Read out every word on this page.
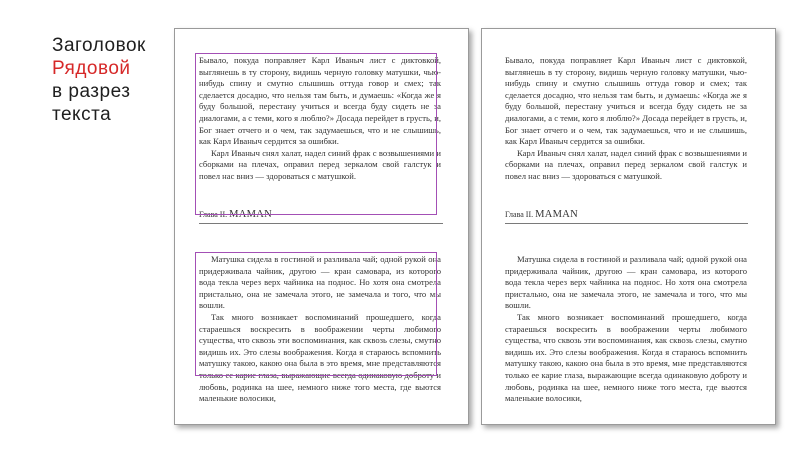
Заголовок
Рядовой
в разрез
текста

Бывало, покуда поправляет Карл Иваныч лист с диктовкой, выглянешь в ту сторону, видишь черную головку матушки, чью-нибудь спину и смутно слышишь оттуда говор и смех; так сделается досадно, что нельзя там быть, и думаешь: «Когда же я буду большой, перестану учиться и всегда буду сидеть не за диалогами, а с теми, кого я люблю?» Досада перейдет в грусть, и, Бог знает отчего и о чем, так задумаешься, что и не слышишь, как Карл Иваныч сердится за ошибки.

Карл Иваныч снял халат, надел синий фрак с возвышениями и сборками на плечах, оправил перед зеркалом свой галстук и повел нас вниз — здороваться с матушкой.

Глава II. MAMAN

Матушка сидела в гостиной и разливала чай; одной рукой она придерживала чайник, другою — кран самовара, из которого вода текла через верх чайника на поднос. Но хотя она смотрела пристально, она не замечала этого, не замечала и того, что мы вошли.

Так много возникает воспоминаний прошедшего, когда стараешься воскресить в воображении черты любимого существа, что сквозь эти воспоминания, как сквозь слезы, смутно видишь их. Это слезы воображения. Когда я стараюсь вспомнить матушку такою, какою она была в это время, мне представляются только ее карие глаза, выражающие всегда одинаковую доброту и любовь, родинка на шее, немного ниже того места, где вьются маленькие волосики,

Бывало, покуда поправляет Карл Иваныч лист с диктовкой, выглянешь в ту сторону, видишь черную головку матушки, чью-нибудь спину и смутно слышишь оттуда говор и смех; так сделается досадно, что нельзя там быть, и думаешь: «Когда же я буду большой, перестану учиться и всегда буду сидеть не за диалогами, а с теми, кого я люблю?» Досада перейдет в грусть, и, Бог знает отчего и о чем, так задумаешься, что и не слышишь, как Карл Иваныч сердится за ошибки.

Карл Иваныч снял халат, надел синий фрак с возвышениями и сборками на плечах, оправил перед зеркалом свой галстук и повел нас вниз — здороваться с матушкой.

Глава II. MAMAN

Матушка сидела в гостиной и разливала чай; одной рукой она придерживала чайник, другою — кран самовара, из которого вода текла через верх чайника на поднос. Но хотя она смотрела пристально, она не замечала этого, не замечала и того, что мы вошли.

Так много возникает воспоминаний прошедшего, когда стараешься воскресить в воображении черты любимого существа, что сквозь эти воспоминания, как сквозь слезы, смутно видишь их. Это слезы воображения. Когда я стараюсь вспомнить матушку такою, какою она была в это время, мне представляются только ее карие глаза, выражающие всегда одинаковую доброту и любовь, родинка на шее, немного ниже того места, где вьются маленькие волосики,
